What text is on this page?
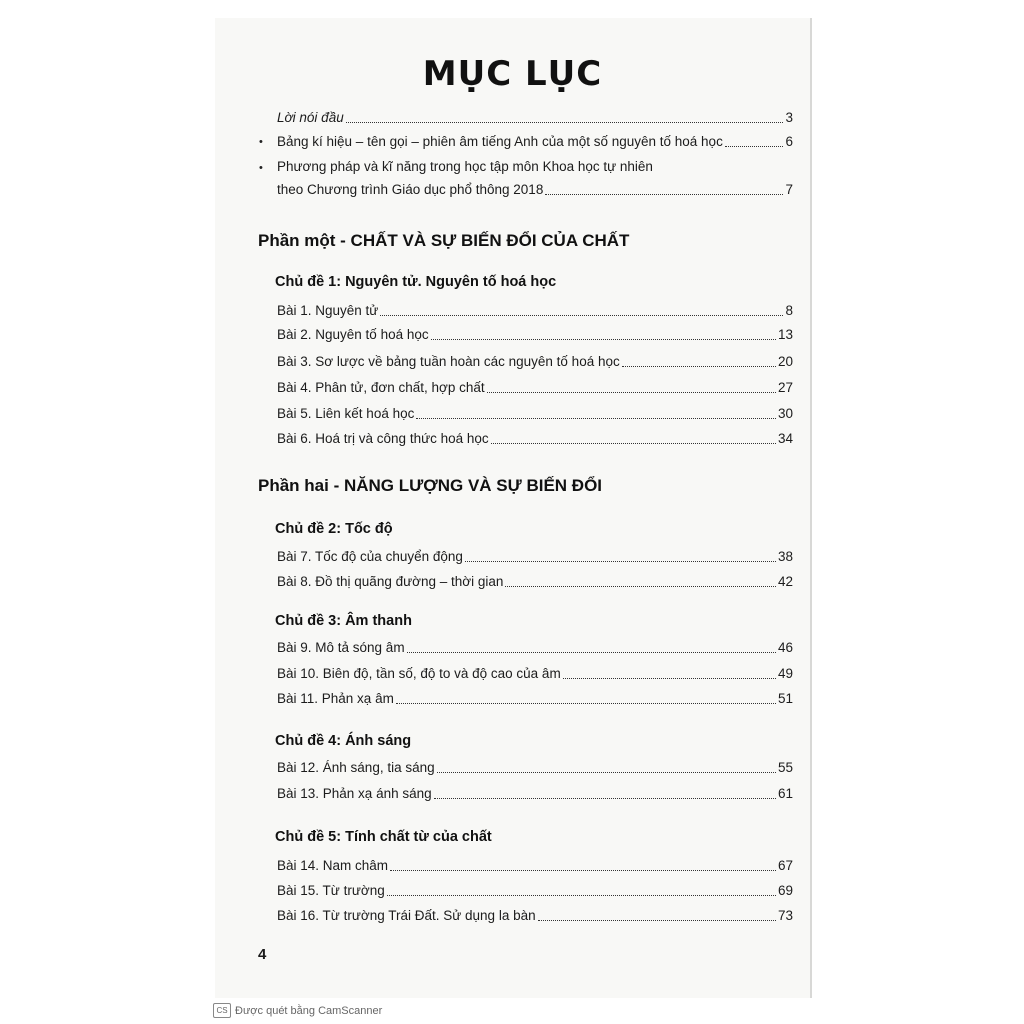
MỤC LỤC
Lời nói đầu	3
• Bảng kí hiệu – tên gọi – phiên âm tiếng Anh của một số nguyên tố hoá học	6
• Phương pháp và kĩ năng trong học tập môn Khoa học tự nhiên
theo Chương trình Giáo dục phổ thông 2018	7
Phần một - CHẤT VÀ SỰ BIẾN ĐỔI CỦA CHẤT
Chủ đề 1: Nguyên tử. Nguyên tố hoá học
Bài 1. Nguyên tử	8
Bài 2. Nguyên tố hoá học	13
Bài 3. Sơ lược về bảng tuần hoàn các nguyên tố hoá học	20
Bài 4. Phân tử, đơn chất, hợp chất	27
Bài 5. Liên kết hoá học	30
Bài 6. Hoá trị và công thức hoá học	34
Phần hai - NĂNG LƯỢNG VÀ SỰ BIẾN ĐỔI
Chủ đề 2: Tốc độ
Bài 7. Tốc độ của chuyển động	38
Bài 8. Đồ thị quãng đường – thời gian	42
Chủ đề 3: Âm thanh
Bài 9. Mô tả sóng âm	46
Bài 10. Biên độ, tần số, độ to và độ cao của âm	49
Bài 11. Phản xạ âm	51
Chủ đề 4: Ánh sáng
Bài 12. Ánh sáng, tia sáng	55
Bài 13. Phản xạ ánh sáng	61
Chủ đề 5: Tính chất từ của chất
Bài 14. Nam châm	67
Bài 15. Từ trường	69
Bài 16. Từ trường Trái Đất. Sử dụng la bàn	73
4
CS Được quét bằng CamScanner
